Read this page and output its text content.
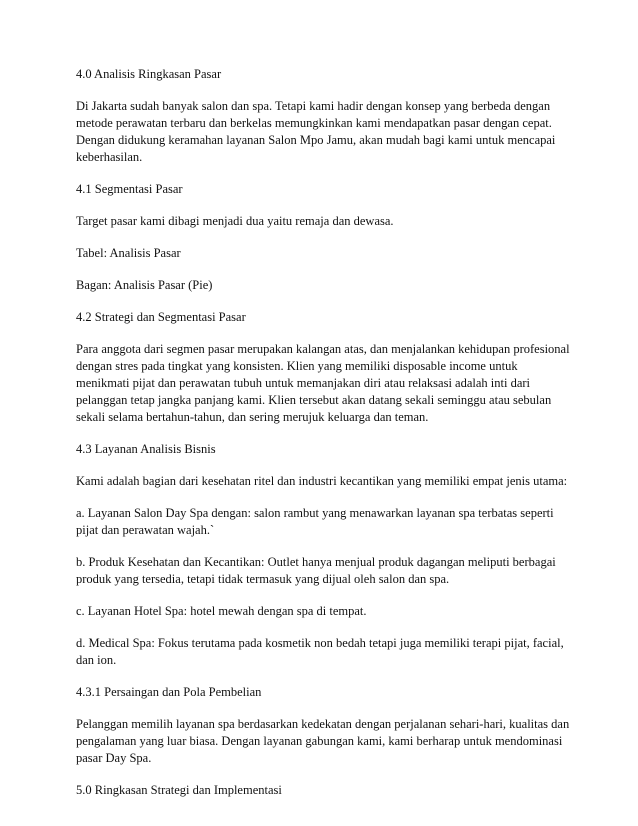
4.0 Analisis Ringkasan Pasar

Di Jakarta sudah banyak salon dan spa. Tetapi kami hadir dengan konsep yang berbeda dengan metode perawatan terbaru dan berkelas memungkinkan kami mendapatkan pasar dengan cepat. Dengan didukung keramahan layanan Salon Mpo Jamu, akan mudah bagi kami untuk mencapai keberhasilan.

4.1 Segmentasi Pasar

Target pasar kami dibagi menjadi dua yaitu remaja dan dewasa.

Tabel: Analisis Pasar

Bagan: Analisis Pasar (Pie)

4.2 Strategi dan Segmentasi Pasar

Para anggota dari segmen pasar merupakan kalangan atas, dan menjalankan kehidupan profesional dengan stres pada tingkat yang konsisten. Klien yang memiliki disposable income untuk menikmati pijat dan perawatan tubuh untuk memanjakan diri atau relaksasi adalah inti dari pelanggan tetap jangka panjang kami. Klien tersebut akan datang sekali seminggu atau sebulan sekali selama bertahun-tahun, dan sering merujuk keluarga dan teman.

4.3 Layanan Analisis Bisnis

Kami adalah bagian dari kesehatan ritel dan industri kecantikan yang memiliki empat jenis utama:

a. Layanan Salon Day Spa dengan: salon rambut yang menawarkan layanan spa terbatas seperti pijat dan perawatan wajah.`

b. Produk Kesehatan dan Kecantikan: Outlet hanya menjual produk dagangan meliputi berbagai produk yang tersedia, tetapi tidak termasuk yang dijual oleh salon dan spa.

c. Layanan Hotel Spa: hotel mewah dengan spa di tempat.

d. Medical Spa: Fokus terutama pada kosmetik non bedah tetapi juga memiliki terapi pijat, facial, dan ion.

4.3.1 Persaingan dan Pola Pembelian

Pelanggan memilih layanan spa berdasarkan kedekatan dengan perjalanan sehari-hari, kualitas dan pengalaman yang luar biasa. Dengan layanan gabungan kami, kami berharap untuk mendominasi pasar Day Spa.

5.0 Ringkasan Strategi dan Implementasi
